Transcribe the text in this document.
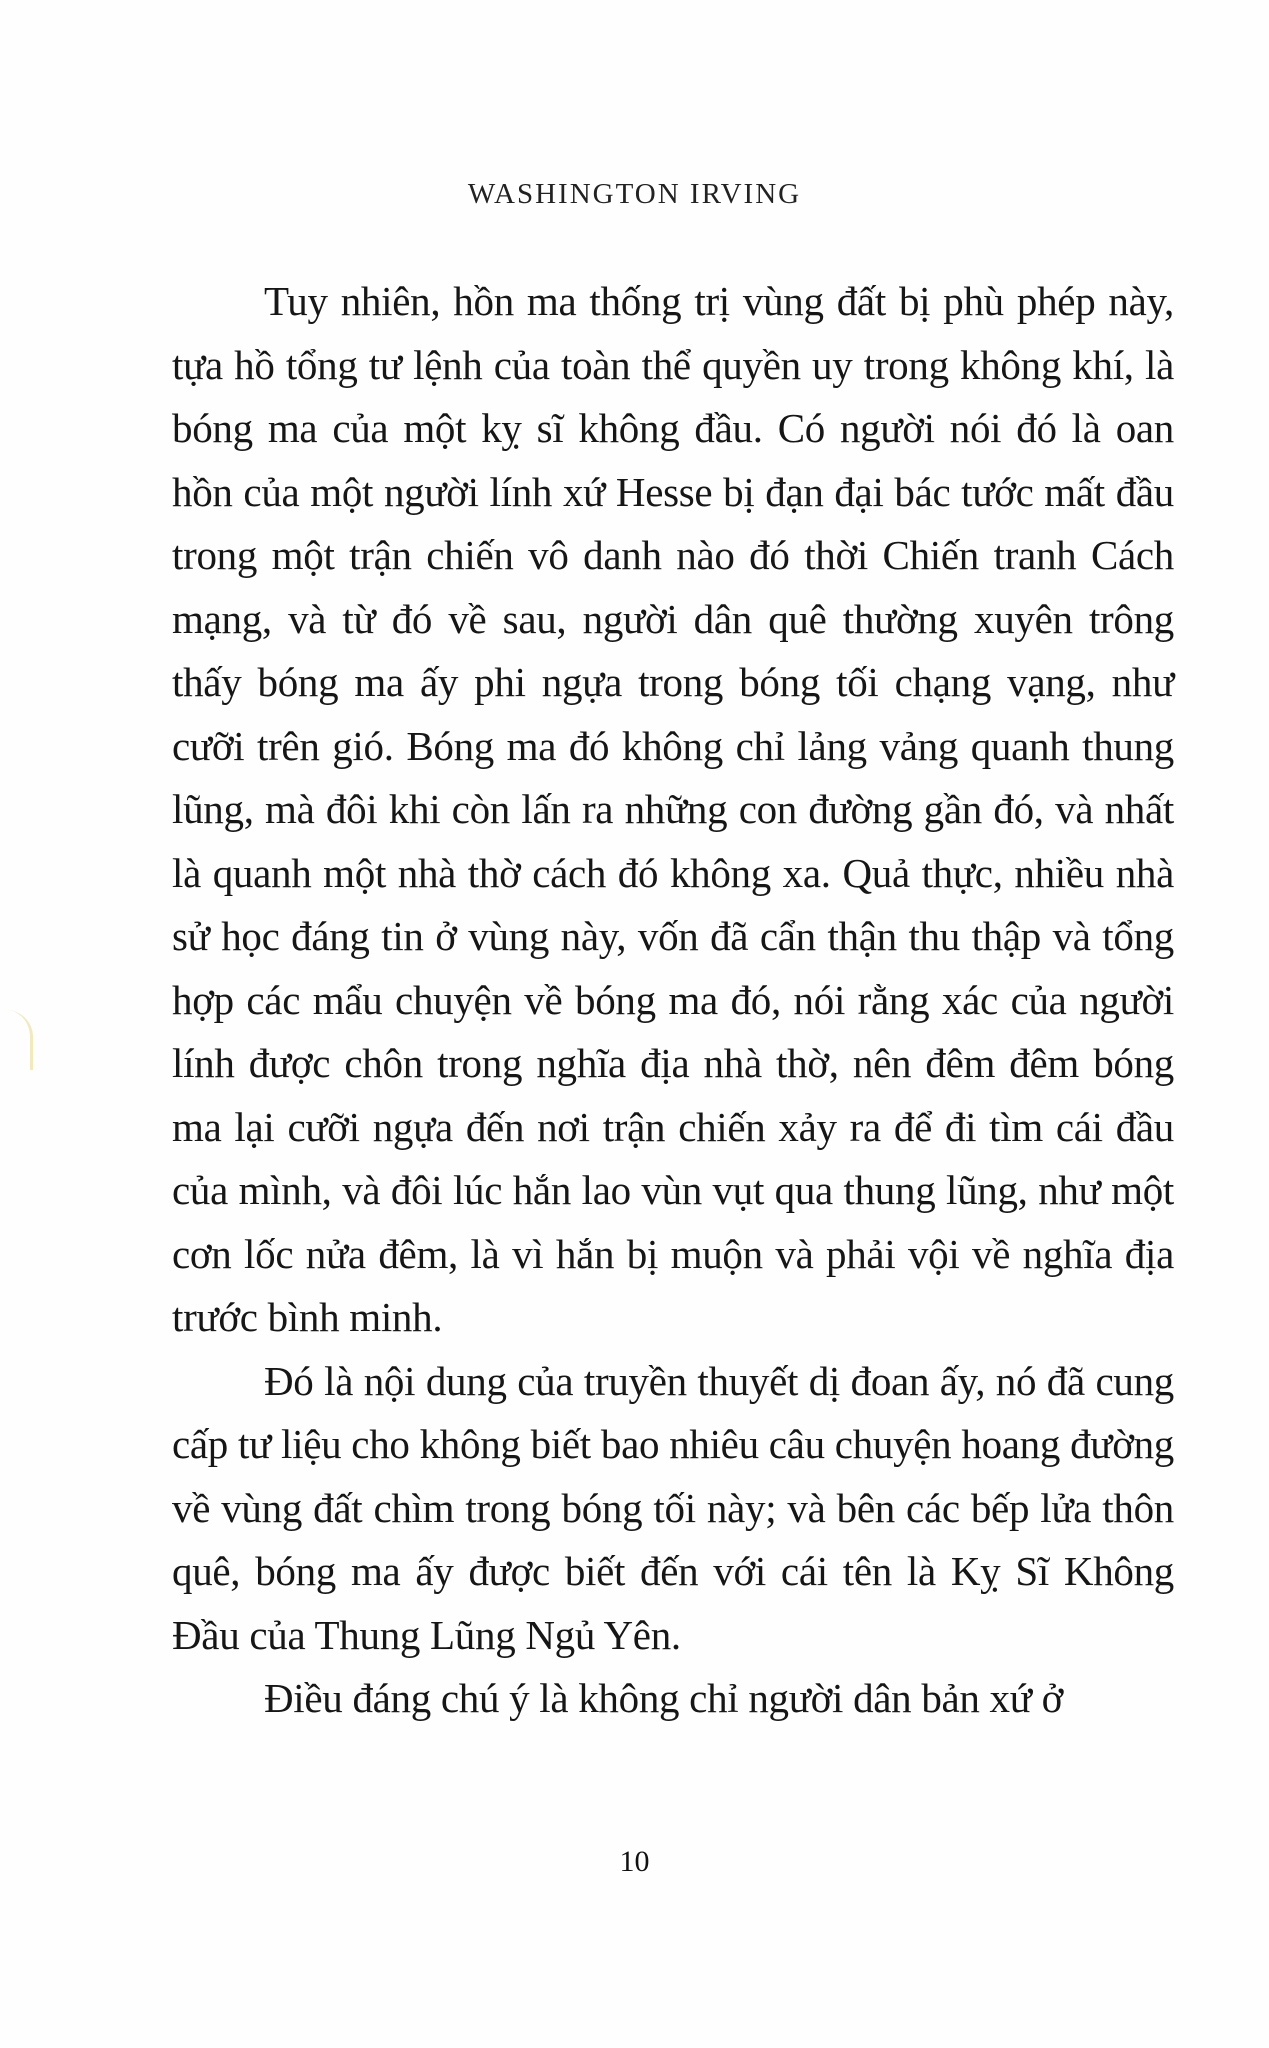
WASHINGTON IRVING

Tuy nhiên, hồn ma thống trị vùng đất bị phù phép này, tựa hồ tổng tư lệnh của toàn thể quyền uy trong không khí, là bóng ma của một kỵ sĩ không đầu. Có người nói đó là oan hồn của một người lính xứ Hesse bị đạn đại bác tước mất đầu trong một trận chiến vô danh nào đó thời Chiến tranh Cách mạng, và từ đó về sau, người dân quê thường xuyên trông thấy bóng ma ấy phi ngựa trong bóng tối chạng vạng, như cưỡi trên gió. Bóng ma đó không chỉ lảng vảng quanh thung lũng, mà đôi khi còn lấn ra những con đường gần đó, và nhất là quanh một nhà thờ cách đó không xa. Quả thực, nhiều nhà sử học đáng tin ở vùng này, vốn đã cẩn thận thu thập và tổng hợp các mẩu chuyện về bóng ma đó, nói rằng xác của người lính được chôn trong nghĩa địa nhà thờ, nên đêm đêm bóng ma lại cưỡi ngựa đến nơi trận chiến xảy ra để đi tìm cái đầu của mình, và đôi lúc hắn lao vùn vụt qua thung lũng, như một cơn lốc nửa đêm, là vì hắn bị muộn và phải vội về nghĩa địa trước bình minh.

Đó là nội dung của truyền thuyết dị đoan ấy, nó đã cung cấp tư liệu cho không biết bao nhiêu câu chuyện hoang đường về vùng đất chìm trong bóng tối này; và bên các bếp lửa thôn quê, bóng ma ấy được biết đến với cái tên là Kỵ Sĩ Không Đầu của Thung Lũng Ngủ Yên.

Điều đáng chú ý là không chỉ người dân bản xứ ở

10
